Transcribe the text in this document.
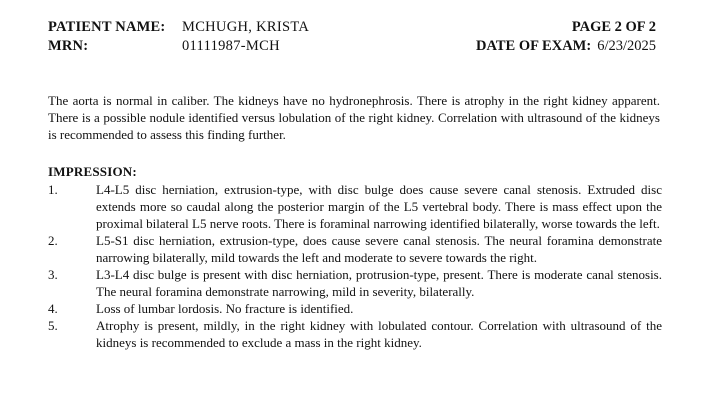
PATIENT NAME: MCHUGH, KRISTA	PAGE 2 OF 2
MRN:	01111987-MCH	DATE OF EXAM: 6/23/2025

The aorta is normal in caliber. The kidneys have no hydronephrosis. There is atrophy in the right kidney apparent. There is a possible nodule identified versus lobulation of the right kidney. Correlation with ultrasound of the kidneys is recommended to assess this finding further.

IMPRESSION:
1.	L4-L5 disc herniation, extrusion-type, with disc bulge does cause severe canal stenosis. Extruded disc extends more so caudal along the posterior margin of the L5 vertebral body. There is mass effect upon the proximal bilateral L5 nerve roots. There is foraminal narrowing identified bilaterally, worse towards the left.
2.	L5-S1 disc herniation, extrusion-type, does cause severe canal stenosis. The neural foramina demonstrate narrowing bilaterally, mild towards the left and moderate to severe towards the right.
3.	L3-L4 disc bulge is present with disc herniation, protrusion-type, present. There is moderate canal stenosis. The neural foramina demonstrate narrowing, mild in severity, bilaterally.
4.	Loss of lumbar lordosis. No fracture is identified.
5.	Atrophy is present, mildly, in the right kidney with lobulated contour. Correlation with ultrasound of the kidneys is recommended to exclude a mass in the right kidney.
